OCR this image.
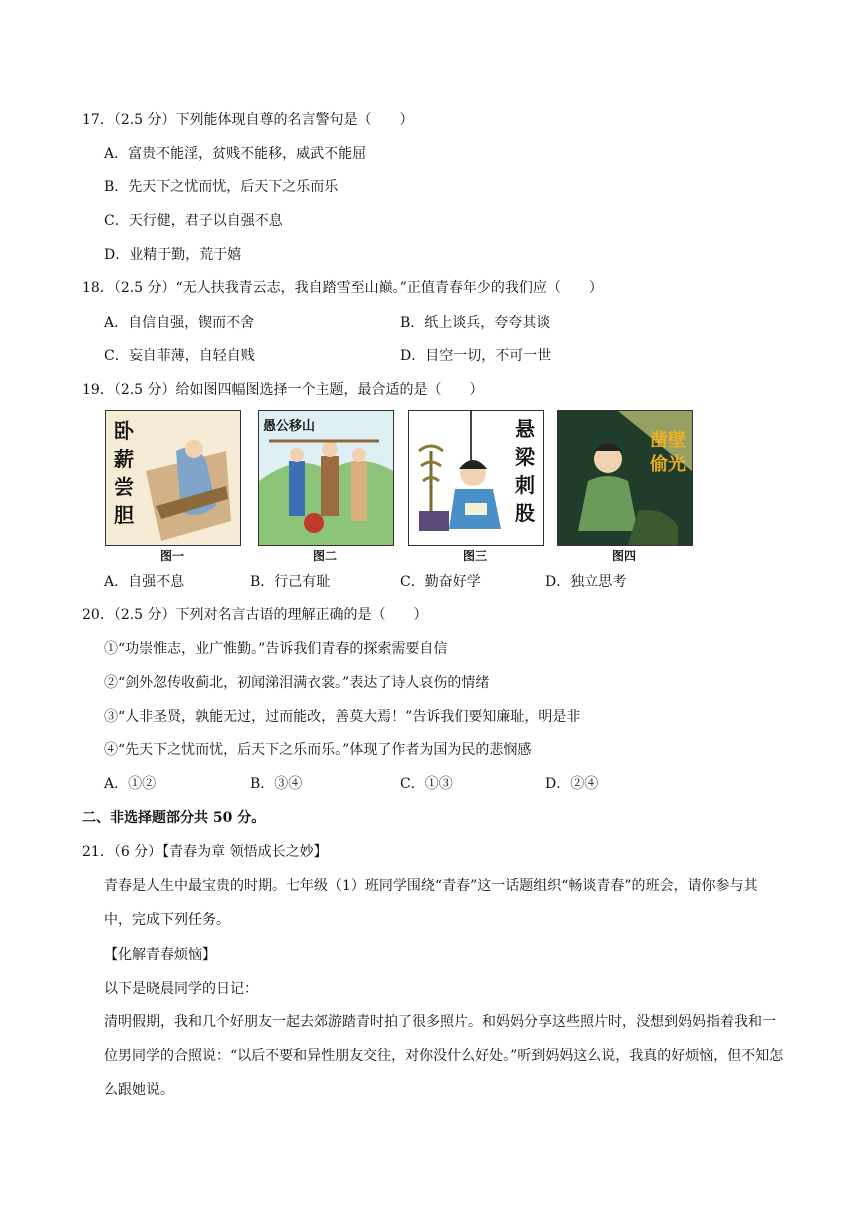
17．（2.5 分）下列能体现自尊的名言警句是（　　）
A．富贵不能淫，贫贱不能移，威武不能屈
B．先天下之忧而忧，后天下之乐而乐
C．天行健，君子以自强不息
D．业精于勤，荒于嬉
18．（2.5 分）“无人扶我青云志，我自踏雪至山巅。”正值青春年少的我们应（　　）
A．自信自强，锲而不舍	B．纸上谈兵，夸夸其谈
C．妄自菲薄，自轻自贱	D．目空一切，不可一世
19．（2.5 分）给如图四幅图选择一个主题，最合适的是（　　）
卧
薪
尝
胆
图一
愚公移山
图二
悬
梁
刺
股
图三
凿壁
偷光
图四
A．自强不息	B．行己有耻	C．勤奋好学	D．独立思考
20．（2.5 分）下列对名言古语的理解正确的是（　　）
①“功崇惟志，业广惟勤。”告诉我们青春的探索需要自信
②“剑外忽传收蓟北，初闻涕泪满衣裳。”表达了诗人哀伤的情绪
③“人非圣贤，孰能无过，过而能改，善莫大焉！”告诉我们要知廉耻，明是非
④“先天下之忧而忧，后天下之乐而乐。”体现了作者为国为民的悲悯感
A．①②	B．③④	C．①③	D．②④
二、非选择题部分共 50 分。
21．（6 分）【青春为章 领悟成长之妙】
青春是人生中最宝贵的时期。七年级（1）班同学围绕“青春”这一话题组织“畅谈青春”的班会，请你参与其中，完成下列任务。
【化解青春烦恼】
以下是晓晨同学的日记：
清明假期，我和几个好朋友一起去郊游踏青时拍了很多照片。和妈妈分享这些照片时，没想到妈妈指着我和一位男同学的合照说：“以后不要和异性朋友交往，对你没什么好处。”听到妈妈这么说，我真的好烦恼，但不知怎么跟她说。
